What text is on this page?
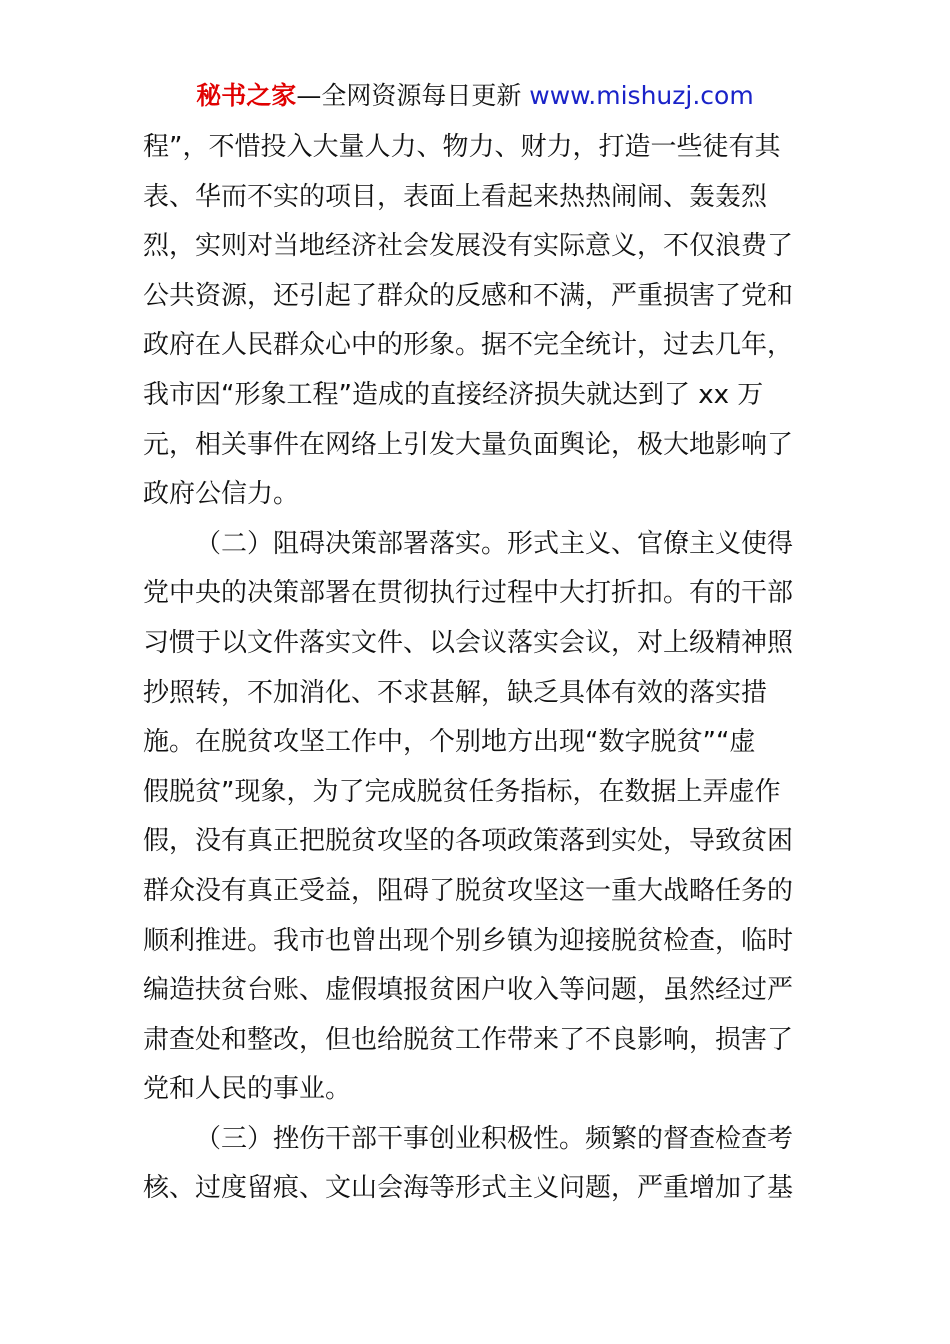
秘书之家—全网资源每日更新 www.mishuzj.com
程”，不惜投入大量人力、物力、财力，打造一些徒有其
表、华而不实的项目，表面上看起来热热闹闹、轰轰烈
烈，实则对当地经济社会发展没有实际意义，不仅浪费了
公共资源，还引起了群众的反感和不满，严重损害了党和
政府在人民群众心中的形象。据不完全统计，过去几年，
我市因“形象工程”造成的直接经济损失就达到了 xx 万
元，相关事件在网络上引发大量负面舆论，极大地影响了
政府公信力。
（二）阻碍决策部署落实。形式主义、官僚主义使得
党中央的决策部署在贯彻执行过程中大打折扣。有的干部
习惯于以文件落实文件、以会议落实会议，对上级精神照
抄照转，不加消化、不求甚解，缺乏具体有效的落实措
施。在脱贫攻坚工作中，个别地方出现“数字脱贫”“虚
假脱贫”现象，为了完成脱贫任务指标，在数据上弄虚作
假，没有真正把脱贫攻坚的各项政策落到实处，导致贫困
群众没有真正受益，阻碍了脱贫攻坚这一重大战略任务的
顺利推进。我市也曾出现个别乡镇为迎接脱贫检查，临时
编造扶贫台账、虚假填报贫困户收入等问题，虽然经过严
肃查处和整改，但也给脱贫工作带来了不良影响，损害了
党和人民的事业。
（三）挫伤干部干事创业积极性。频繁的督查检查考
核、过度留痕、文山会海等形式主义问题，严重增加了基
